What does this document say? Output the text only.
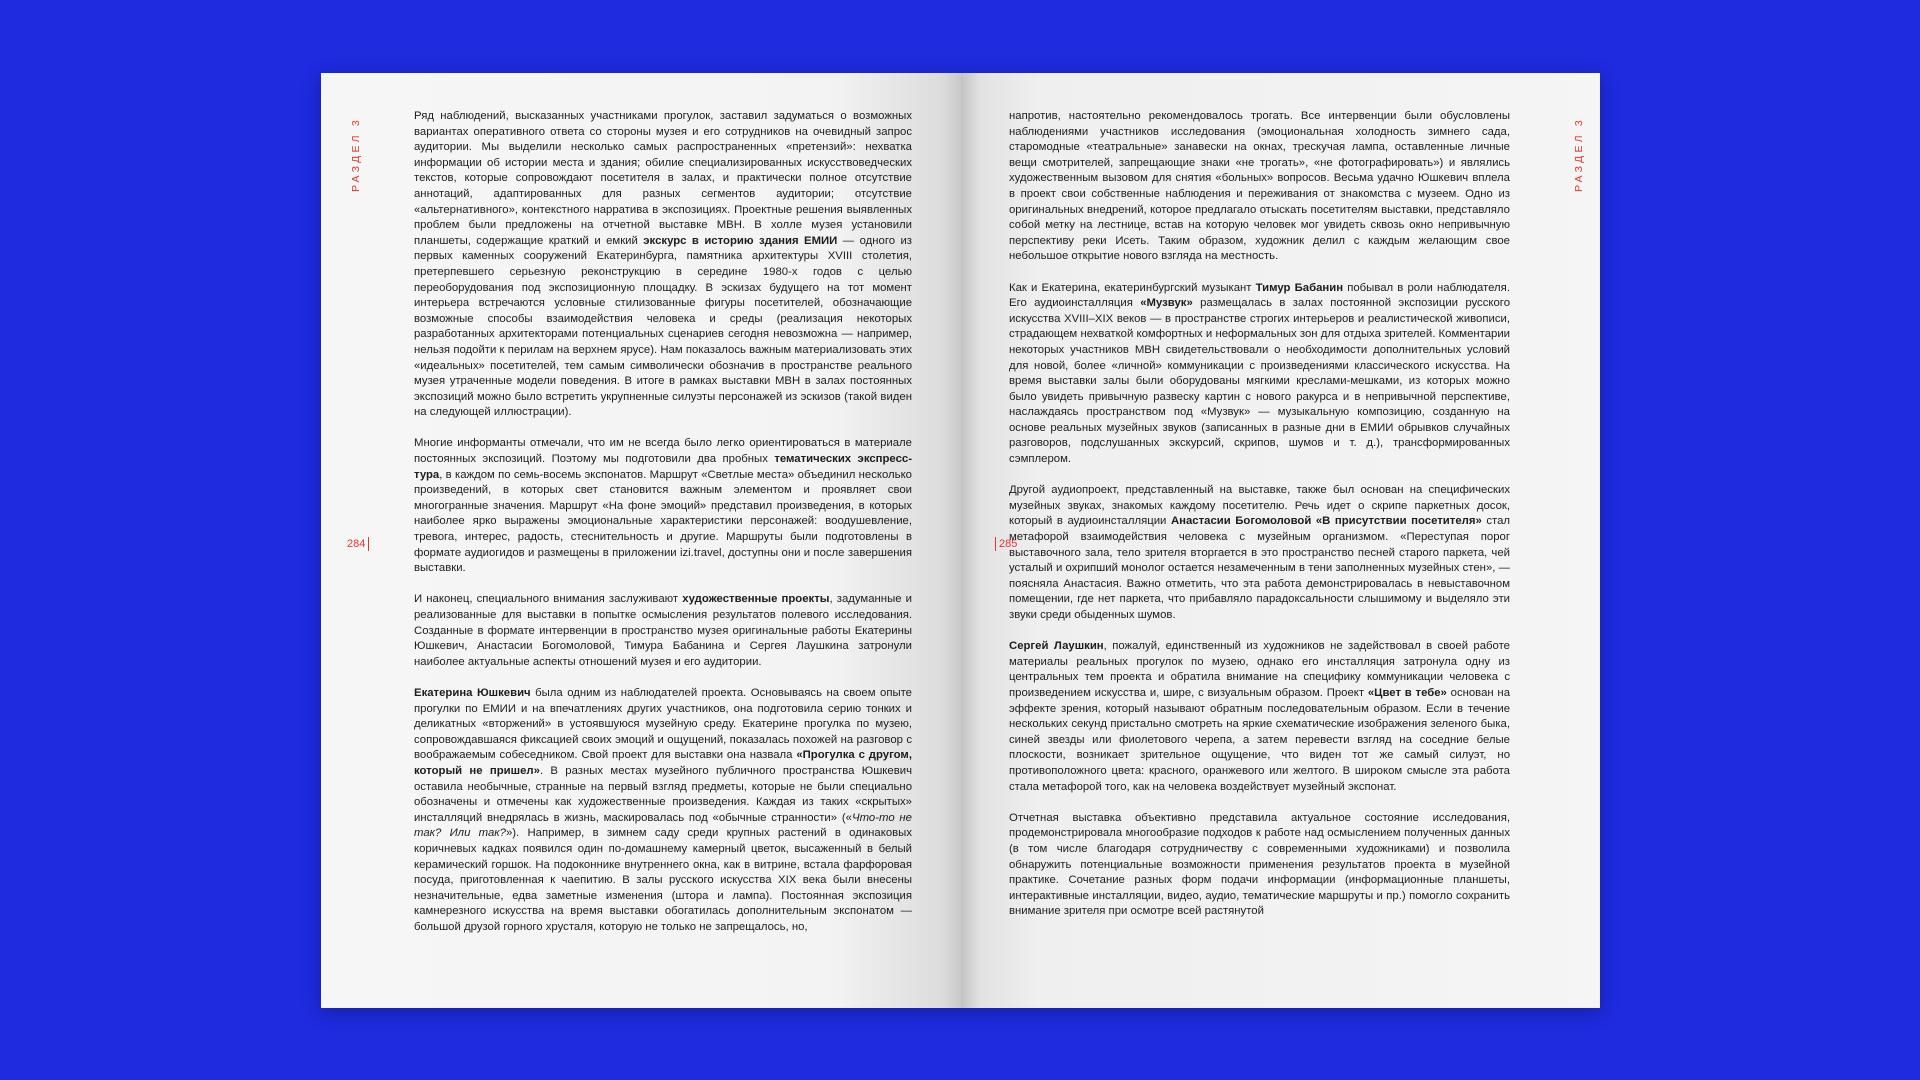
РАЗДЕЛ 3
284

Ряд наблюдений, высказанных участниками прогулок, заставил задуматься о возможных вариантах оперативного ответа со стороны музея и его сотрудников на очевидный запрос аудитории. Мы выделили несколько самых распространенных «претензий»: нехватка информации об истории места и здания; обилие специализированных искусствоведческих текстов, которые сопровождают посетителя в залах, и практически полное отсутствие аннотаций, адаптированных для разных сегментов аудитории; отсутствие «альтернативного», контекстного нарратива в экспозициях. Проектные решения выявленных проблем были предложены на отчетной выставке МВН. В холле музея установили планшеты, содержащие краткий и емкий экскурс в историю здания ЕМИИ — одного из первых каменных сооружений Екатеринбурга, памятника архитектуры XVIII столетия, претерпевшего серьезную реконструкцию в середине 1980-х годов с целью переоборудования под экспозиционную площадку. В эскизах будущего на тот момент интерьера встречаются условные стилизованные фигуры посетителей, обозначающие возможные способы взаимодействия человека и среды (реализация некоторых разработанных архитекторами потенциальных сценариев сегодня невозможна — например, нельзя подойти к перилам на верхнем ярусе). Нам показалось важным материализовать этих «идеальных» посетителей, тем самым символически обозначив в пространстве реального музея утраченные модели поведения. В итоге в рамках выставки МВН в залах постоянных экспозиций можно было встретить укрупненные силуэты персонажей из эскизов (такой виден на следующей иллюстрации).

Многие информанты отмечали, что им не всегда было легко ориентироваться в материале постоянных экспозиций. Поэтому мы подготовили два пробных тематических экспресс-тура, в каждом по семь-восемь экспонатов. Маршрут «Светлые места» объединил несколько произведений, в которых свет становится важным элементом и проявляет свои многогранные значения. Маршрут «На фоне эмоций» представил произведения, в которых наиболее ярко выражены эмоциональные характеристики персонажей: воодушевление, тревога, интерес, радость, стеснительность и другие. Маршруты были подготовлены в формате аудиогидов и размещены в приложении izi.travel, доступны они и после завершения выставки.

И наконец, специального внимания заслуживают художественные проекты, задуманные и реализованные для выставки в попытке осмысления результатов полевого исследования. Созданные в формате интервенции в пространство музея оригинальные работы Екатерины Юшкевич, Анастасии Богомоловой, Тимура Бабанина и Сергея Лаушкина затронули наиболее актуальные аспекты отношений музея и его аудитории.

Екатерина Юшкевич была одним из наблюдателей проекта. Основываясь на своем опыте прогулки по ЕМИИ и на впечатлениях других участников, она подготовила серию тонких и деликатных «вторжений» в устоявшуюся музейную среду. Екатерине прогулка по музею, сопровождавшаяся фиксацией своих эмоций и ощущений, показалась похожей на разговор с воображаемым собеседником. Свой проект для выставки она назвала «Прогулка с другом, который не пришел». В разных местах музейного публичного пространства Юшкевич оставила необычные, странные на первый взгляд предметы, которые не были специально обозначены и отмечены как художественные произведения. Каждая из таких «скрытых» инсталляций внедрялась в жизнь, маскировалась под «обычные странности» («Что-то не так? Или так?»). Например, в зимнем саду среди крупных растений в одинаковых коричневых кадках появился один по-домашнему камерный цветок, высаженный в белый керамический горшок. На подоконнике внутреннего окна, как в витрине, встала фарфоровая посуда, приготовленная к чаепитию. В залы русского искусства XIX века были внесены незначительные, едва заметные изменения (штора и лампа). Постоянная экспозиция камнерезного искусства на время выставки обогатилась дополнительным экспонатом — большой друзой горного хрусталя, которую не только не запрещалось, но,

РАЗДЕЛ 3
285

напротив, настоятельно рекомендовалось трогать. Все интервенции были обусловлены наблюдениями участников исследования (эмоциональная холодность зимнего сада, старомодные «театральные» занавески на окнах, трескучая лампа, оставленные личные вещи смотрителей, запрещающие знаки «не трогать», «не фотографировать») и являлись художественным вызовом для снятия «больных» вопросов. Весьма удачно Юшкевич вплела в проект свои собственные наблюдения и переживания от знакомства с музеем. Одно из оригинальных внедрений, которое предлагало отыскать посетителям выставки, представляло собой метку на лестнице, встав на которую человек мог увидеть сквозь окно непривычную перспективу реки Исеть. Таким образом, художник делил с каждым желающим свое небольшое открытие нового взгляда на местность.

Как и Екатерина, екатеринбургский музыкант Тимур Бабанин побывал в роли наблюдателя. Его аудиоинсталляция «Музвук» размещалась в залах постоянной экспозиции русского искусства XVIII–XIX веков — в пространстве строгих интерьеров и реалистической живописи, страдающем нехваткой комфортных и неформальных зон для отдыха зрителей. Комментарии некоторых участников МВН свидетельствовали о необходимости дополнительных условий для новой, более «личной» коммуникации с произведениями классического искусства. На время выставки залы были оборудованы мягкими креслами-мешками, из которых можно было увидеть привычную развеску картин с нового ракурса и в непривычной перспективе, наслаждаясь пространством под «Музвук» — музыкальную композицию, созданную на основе реальных музейных звуков (записанных в разные дни в ЕМИИ обрывков случайных разговоров, подслушанных экскурсий, скрипов, шумов и т. д.), трансформированных сэмплером.

Другой аудиопроект, представленный на выставке, также был основан на специфических музейных звуках, знакомых каждому посетителю. Речь идет о скрипе паркетных досок, который в аудиоинсталляции Анастасии Богомоловой «В присутствии посетителя» стал метафорой взаимодействия человека с музейным организмом. «Переступая порог выставочного зала, тело зрителя вторгается в это пространство песней старого паркета, чей усталый и охрипший монолог остается незамеченным в тени заполненных музейных стен», — поясняла Анастасия. Важно отметить, что эта работа демонстрировалась в невыставочном помещении, где нет паркета, что прибавляло парадоксальности слышимому и выделяло эти звуки среди обыденных шумов.

Сергей Лаушкин, пожалуй, единственный из художников не задействовал в своей работе материалы реальных прогулок по музею, однако его инсталляция затронула одну из центральных тем проекта и обратила внимание на специфику коммуникации человека с произведением искусства и, шире, с визуальным образом. Проект «Цвет в тебе» основан на эффекте зрения, который называют обратным последовательным образом. Если в течение нескольких секунд пристально смотреть на яркие схематические изображения зеленого быка, синей звезды или фиолетового черепа, а затем перевести взгляд на соседние белые плоскости, возникает зрительное ощущение, что виден тот же самый силуэт, но противоположного цвета: красного, оранжевого или желтого. В широком смысле эта работа стала метафорой того, как на человека воздействует музейный экспонат.

Отчетная выставка объективно представила актуальное состояние исследования, продемонстрировала многообразие подходов к работе над осмыслением полученных данных (в том числе благодаря сотрудничеству с современными художниками) и позволила обнаружить потенциальные возможности применения результатов проекта в музейной практике. Сочетание разных форм подачи информации (информационные планшеты, интерактивные инсталляции, видео, аудио, тематические маршруты и пр.) помогло сохранить внимание зрителя при осмотре всей растянутой
